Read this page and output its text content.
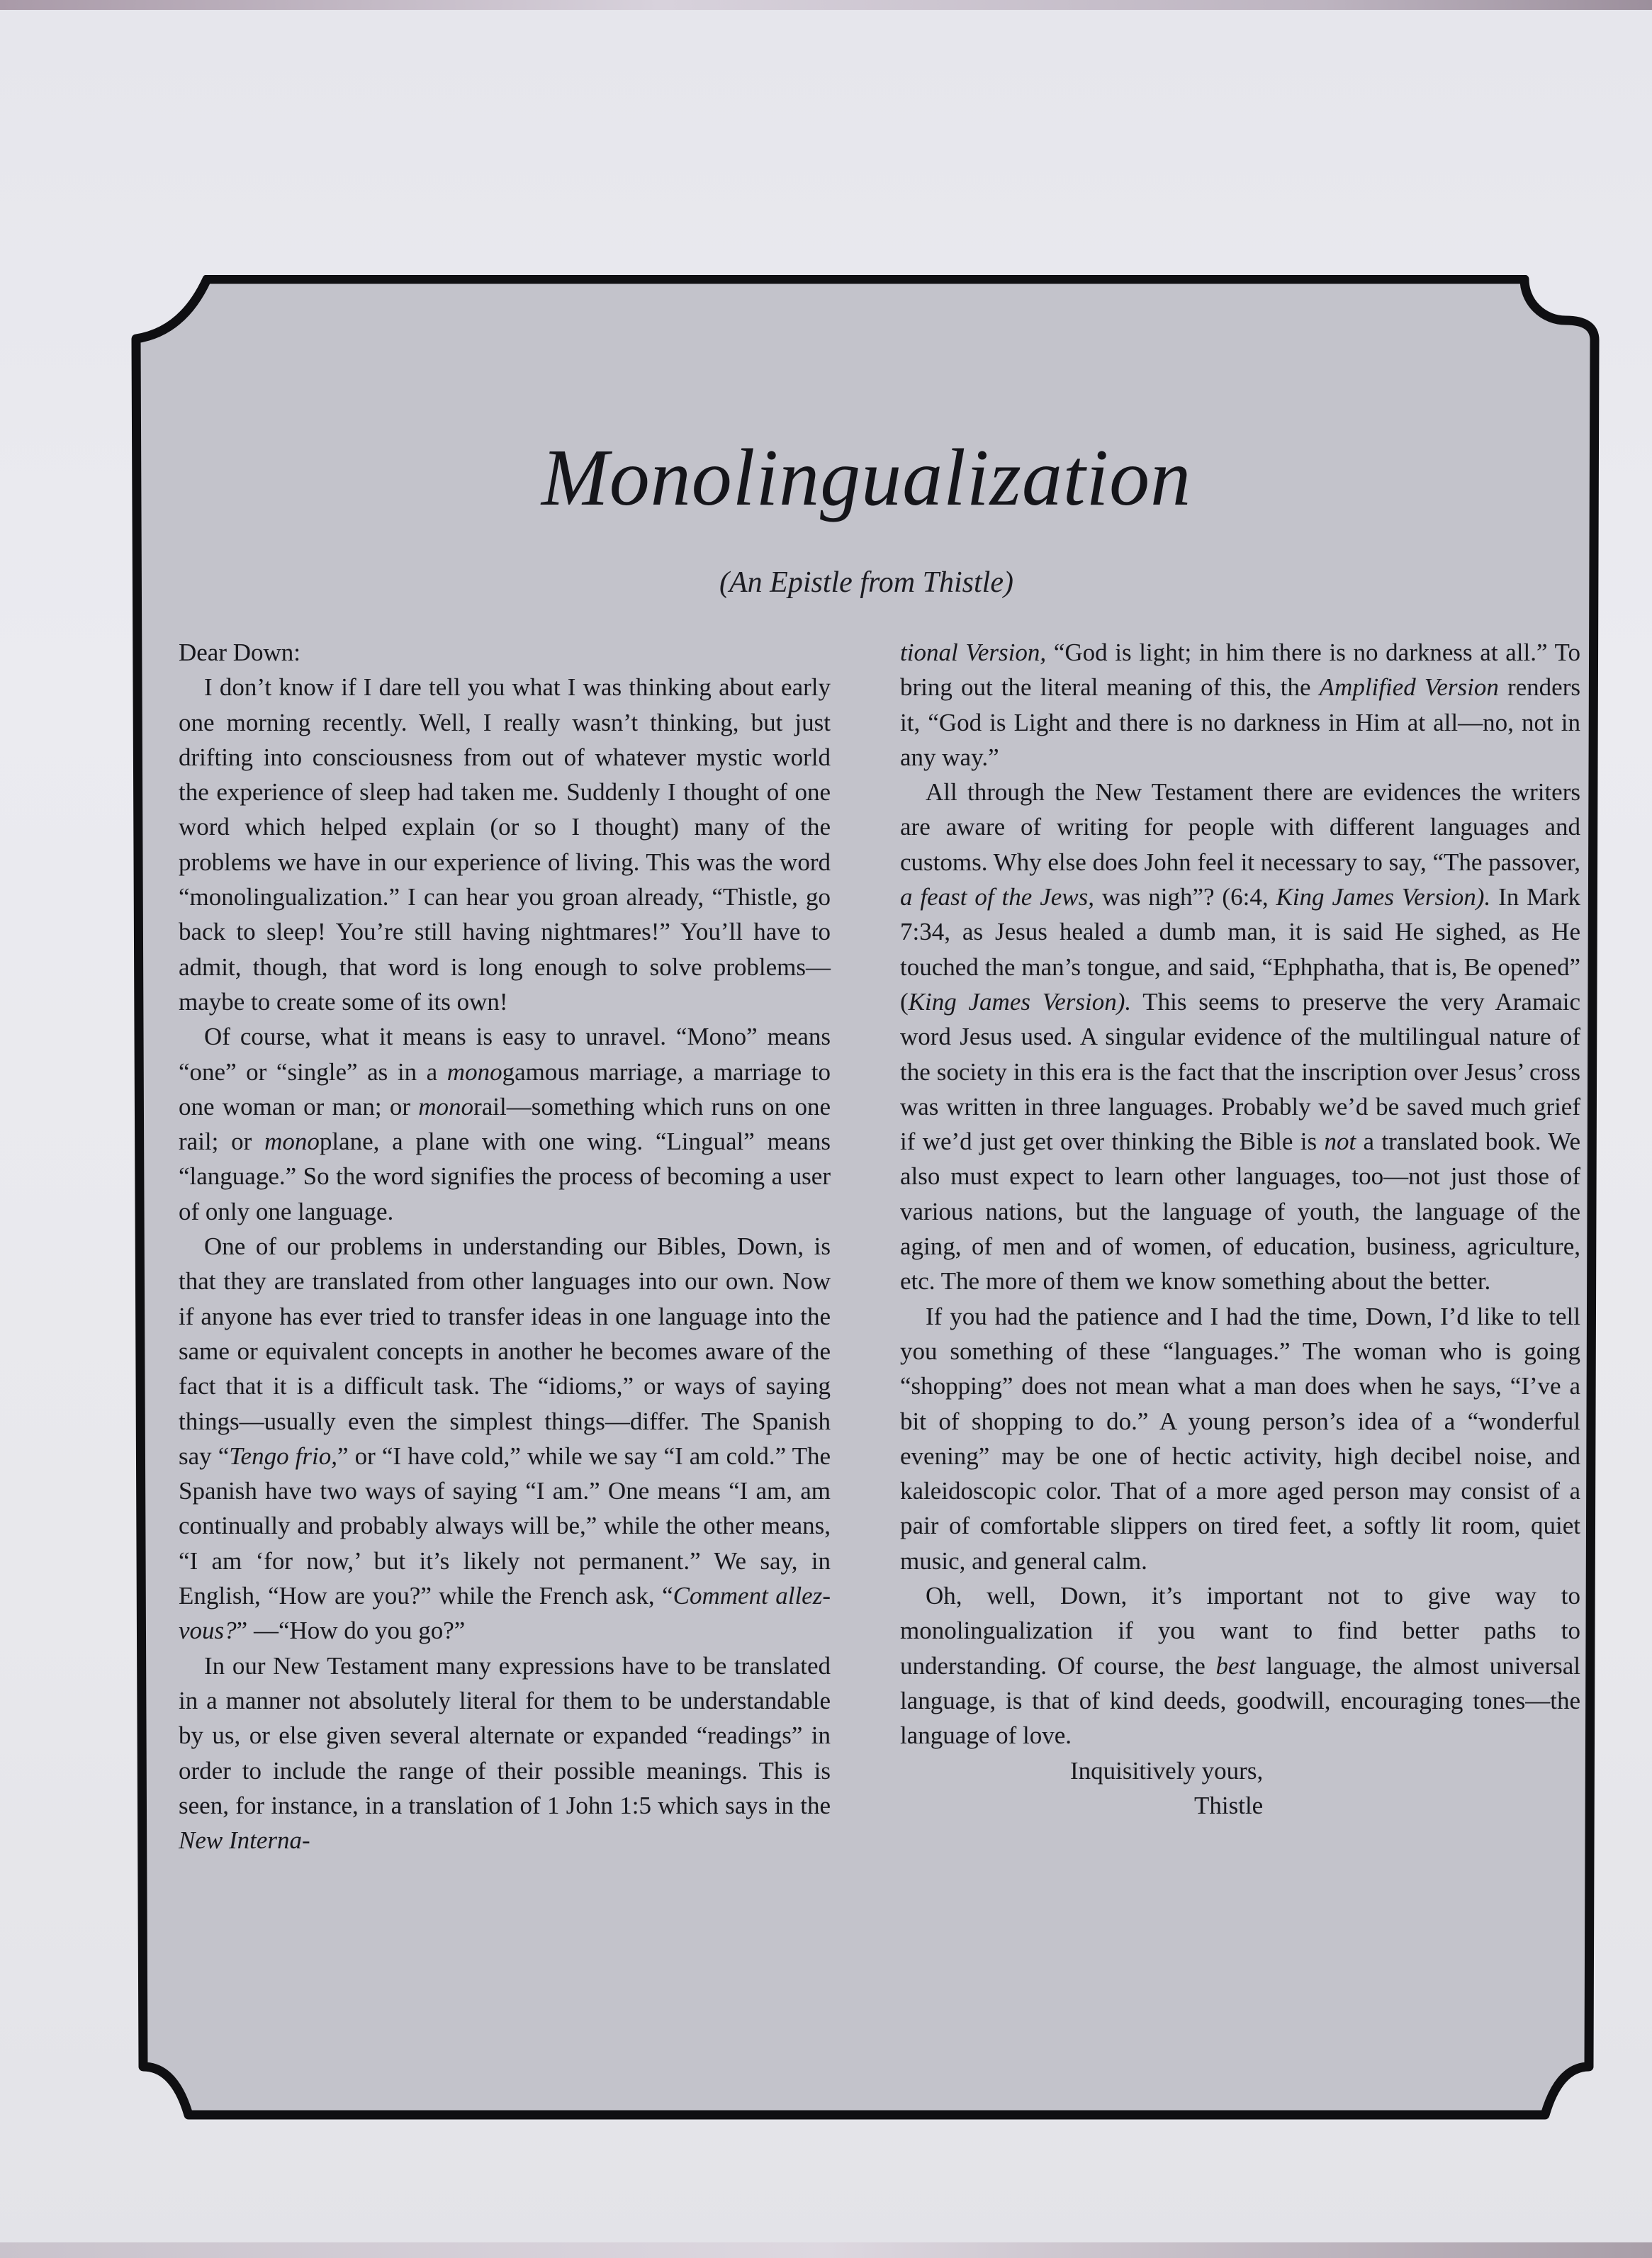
Monolingualization
(An Epistle from Thistle)

Dear Down:

I don’t know if I dare tell you what I was thinking about early one morning recently. Well, I really wasn’t thinking, but just drifting into consciousness from out of whatever mystic world the experience of sleep had taken me. Suddenly I thought of one word which helped explain (or so I thought) many of the problems we have in our experience of living. This was the word “monolingualization.” I can hear you groan already, “Thistle, go back to sleep! You’re still having nightmares!” You’ll have to admit, though, that word is long enough to solve problems—maybe to create some of its own!

Of course, what it means is easy to unravel. “Mono” means “one” or “single” as in a monogamous marriage, a marriage to one woman or man; or monorail—something which runs on one rail; or monoplane, a plane with one wing. “Lingual” means “language.” So the word signifies the process of becoming a user of only one language.

One of our problems in understanding our Bibles, Down, is that they are translated from other languages into our own. Now if anyone has ever tried to transfer ideas in one language into the same or equivalent concepts in another he becomes aware of the fact that it is a difficult task. The “idioms,” or ways of saying things—usually even the simplest things—differ. The Spanish say “Tengo frio,” or “I have cold,” while we say “I am cold.” The Spanish have two ways of saying “I am.” One means “I am, am continually and probably always will be,” while the other means, “I am ‘for now,’ but it’s likely not permanent.” We say, in English, “How are you?” while the French ask, “Comment allez-vous?” —“How do you go?”

In our New Testament many expressions have to be translated in a manner not absolutely literal for them to be understandable by us, or else given several alternate or expanded “readings” in order to include the range of their possible meanings. This is seen, for instance, in a translation of 1 John 1:5 which says in the New Interna-

tional Version, “God is light; in him there is no darkness at all.” To bring out the literal meaning of this, the Amplified Version renders it, “God is Light and there is no darkness in Him at all—no, not in any way.”

All through the New Testament there are evidences the writers are aware of writing for people with different languages and customs. Why else does John feel it necessary to say, “The passover, a feast of the Jews, was nigh”? (6:4, King James Version). In Mark 7:34, as Jesus healed a dumb man, it is said He sighed, as He touched the man’s tongue, and said, “Ephphatha, that is, Be opened” (King James Version). This seems to preserve the very Aramaic word Jesus used. A singular evidence of the multilingual nature of the society in this era is the fact that the inscription over Jesus’ cross was written in three languages. Probably we’d be saved much grief if we’d just get over thinking the Bible is not a translated book. We also must expect to learn other languages, too—not just those of various nations, but the language of youth, the language of the aging, of men and of women, of education, business, agriculture, etc. The more of them we know something about the better.

If you had the patience and I had the time, Down, I’d like to tell you something of these “languages.” The woman who is going “shopping” does not mean what a man does when he says, “I’ve a bit of shopping to do.” A young person’s idea of a “wonderful evening” may be one of hectic activity, high decibel noise, and kaleidoscopic color. That of a more aged person may consist of a pair of comfortable slippers on tired feet, a softly lit room, quiet music, and general calm.

Oh, well, Down, it’s important not to give way to monolingualization if you want to find better paths to understanding. Of course, the best language, the almost universal language, is that of kind deeds, goodwill, encouraging tones—the language of love.

Inquisitively yours,

Thistle
